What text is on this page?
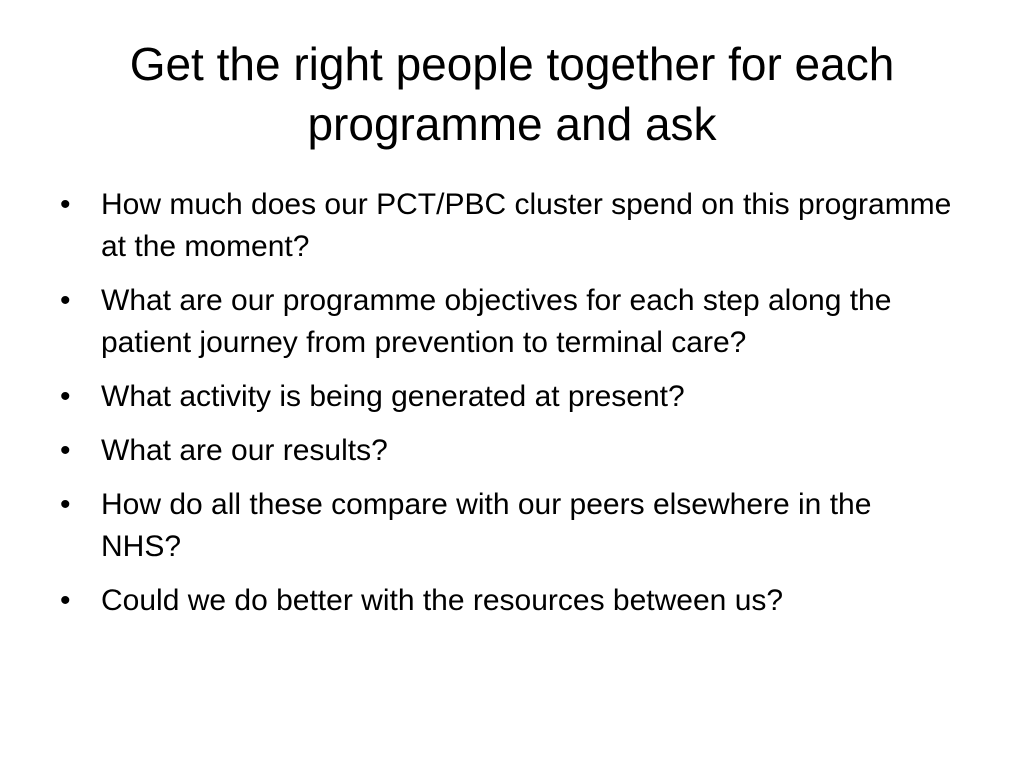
Get the right people together for each programme and ask
• How much does our PCT/PBC cluster spend on this programme at the moment?
• What are our programme objectives for each step along the patient journey from prevention to terminal care?
• What activity is being generated at present?
• What are our results?
• How do all these compare with our peers elsewhere in the NHS?
• Could we do better with the resources between us?
